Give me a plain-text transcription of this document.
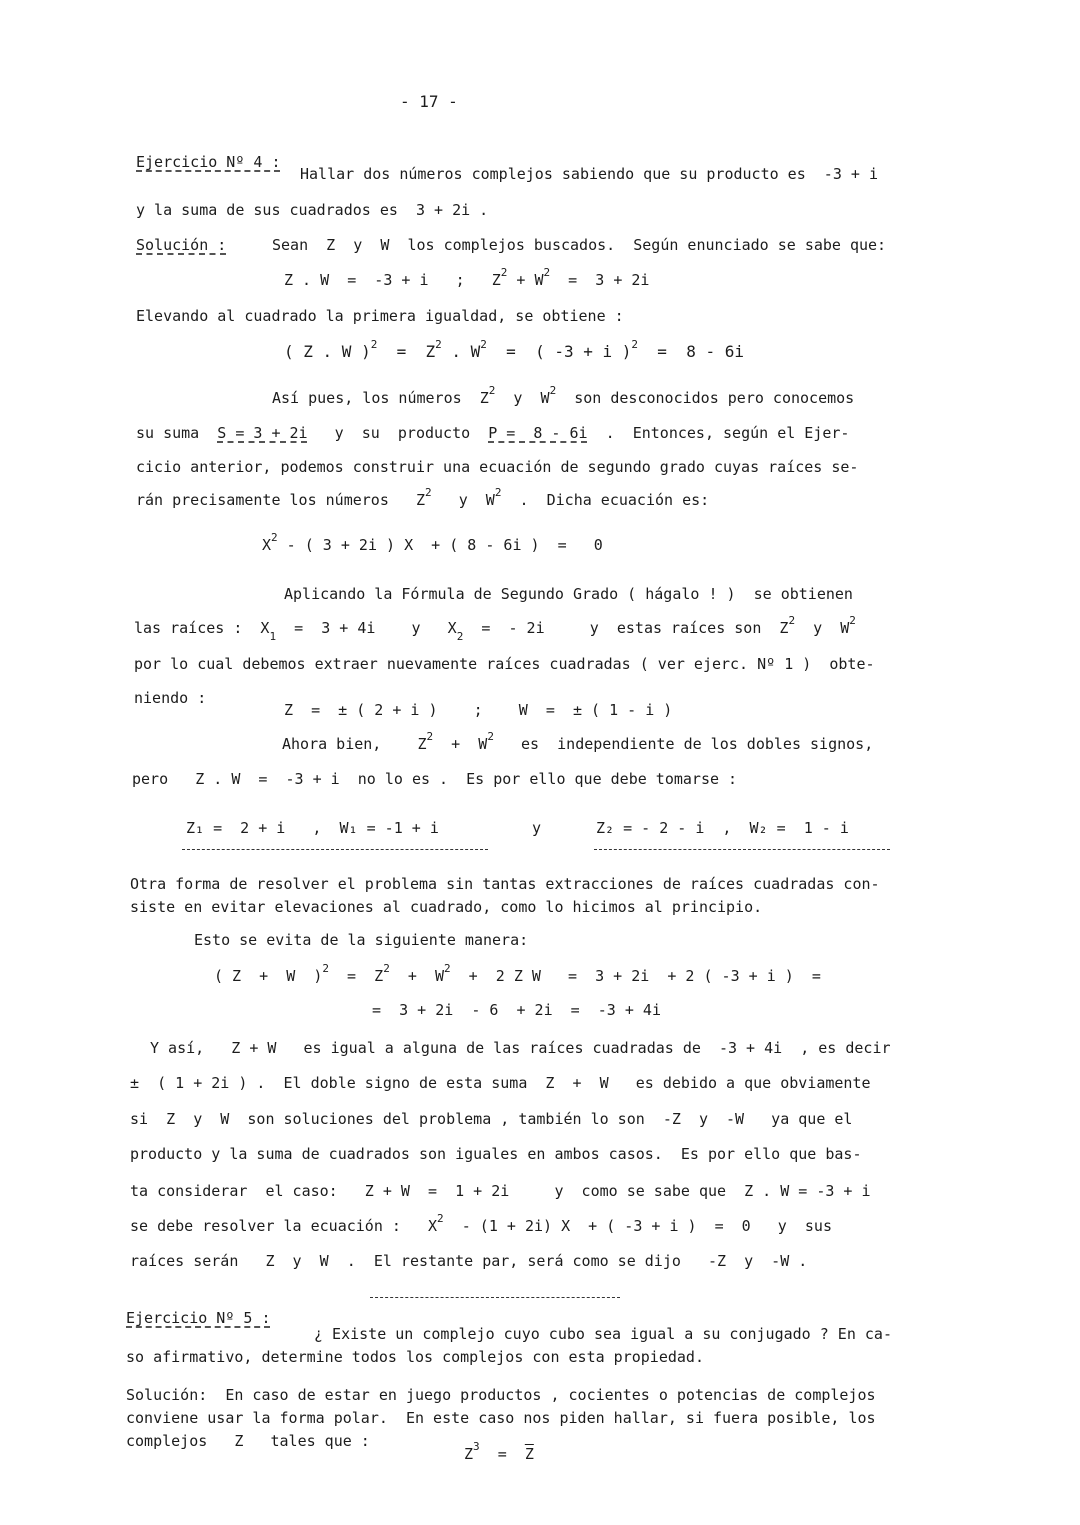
- 17 -
Ejercicio Nº 4 :
Hallar dos números complejos sabiendo que su producto es  -3 + i
y la suma de sus cuadrados es  3 + 2i .
Solución :	Sean  Z  y  W  los complejos buscados.  Según enunciado se sabe que:
Z . W  =  -3 + i   ;   $Z^2 + W^2 = 3 + 2i$
Elevando al cuadrado la primera igualdad, se obtiene :
( Z . W )$^2 = Z^2$ . $W^2$  =  ( -3 + i )$^2$  =  8 - 6i
Así pues, los números  $Z^2$  y  $W^2$  son desconocidos pero conocemos
su suma  S = 3 + 2i   y  su  producto  P =  8 - 6i  .  Entonces, según el Ejer-
cicio anterior, podemos construir una ecuación de segundo grado cuyas raíces se-
rán precisamente los números   $Z^2$   y  $W^2$  .  Dicha ecuación es:
$X^2$ - ( 3 + 2i ) X  + ( 8 - 6i )  =   0
Aplicando la Fórmula de Segundo Grado ( hágalo ! )  se obtienen
las raíces :  $X_1 = 3 + 4i$    y   $X_2$  =  - 2i     y  estas raíces son  $Z^2$  y  $W^2$
por lo cual debemos extraer nuevamente raíces cuadradas ( ver ejerc. Nº 1 )  obte-
niendo :
Z  =  ± ( 2 + i )    ;    W  =  ± ( 1 - i )
Ahora bien,    $Z^2 + W^2$   es  independiente de los dobles signos,
pero   Z . W  =  -3 + i  no lo es .  Es por ello que debe tomarse :
Z₁ =  2 + i   ,  W₁ = -1 + i	y	Z₂ = - 2 - i  ,  W₂ =  1 - i
Otra forma de resolver el problema sin tantas extracciones de raíces cuadradas con-
siste en evitar elevaciones al cuadrado, como lo hicimos al principio.
Esto se evita de la siguiente manera:
( Z  +  W  )$^2 = Z^2 + W^2 + 2$ Z W   =  3 + 2i  + 2 ( -3 + i )  =
=  3 + 2i  - 6  + 2i  =  -3 + 4i
Y así,   Z + W   es igual a alguna de las raíces cuadradas de  -3 + 4i  , es decir
±  ( 1 + 2i ) .  El doble signo de esta suma  Z  +  W   es debido a que obviamente
si  Z  y  W  son soluciones del problema , también lo son  -Z  y  -W   ya que el
producto y la suma de cuadrados son iguales en ambos casos.  Es por ello que bas-
ta considerar  el caso:   Z + W  =  1 + 2i     y  como se sabe que  Z . W = -3 + i
se debe resolver la ecuación :   $X^2 - (1 + 2i) X$  + ( -3 + i )  =  0   y  sus
raíces serán   Z  y  W  .  El restante par, será como se dijo   -Z  y  -W .
Ejercicio Nº 5 :
¿ Existe un complejo cuyo cubo sea igual a su conjugado ? En ca-
so afirmativo, determine todos los complejos con esta propiedad.
Solución:  En caso de estar en juego productos , cocientes o potencias de complejos
conviene usar la forma polar.  En este caso nos piden hallar, si fuera posible, los
complejos   Z   tales que :
$Z^3 = \overline{Z}$
